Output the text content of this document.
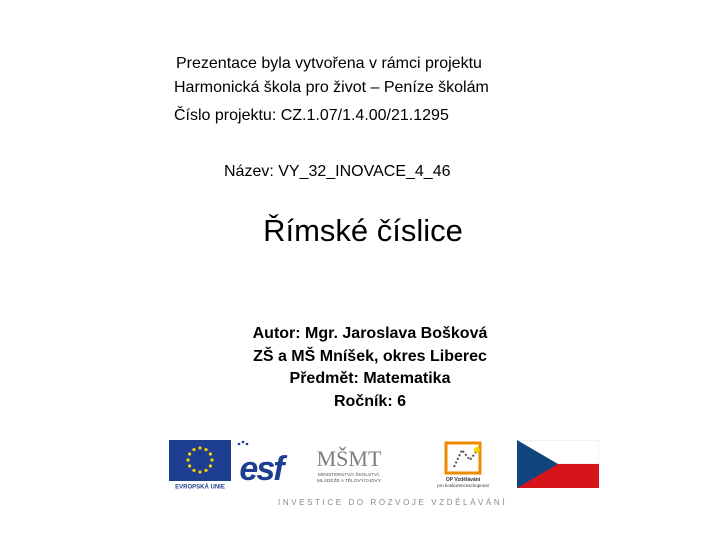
Prezentace byla vytvořena v rámci projektu
Harmonická škola pro život – Peníze školám
Číslo projektu: CZ.1.07/1.4.00/21.1295
Název: VY_32_INOVACE_4_46
Římské číslice
Autor: Mgr. Jaroslava Bošková
ZŠ a MŠ Mníšek, okres Liberec
Předmět: Matematika
Ročník: 6
EVROPSKÁ UNIE esf MŠMT
MINISTERSTVO ŠKOLSTVÍ,
MLÁDEŽE A TĚLOVÝCHOVY	OP Vzdělávání
pro konkurenceschopnost
INVESTICE DO ROZVOJE VZDĚLÁVÁNÍ
